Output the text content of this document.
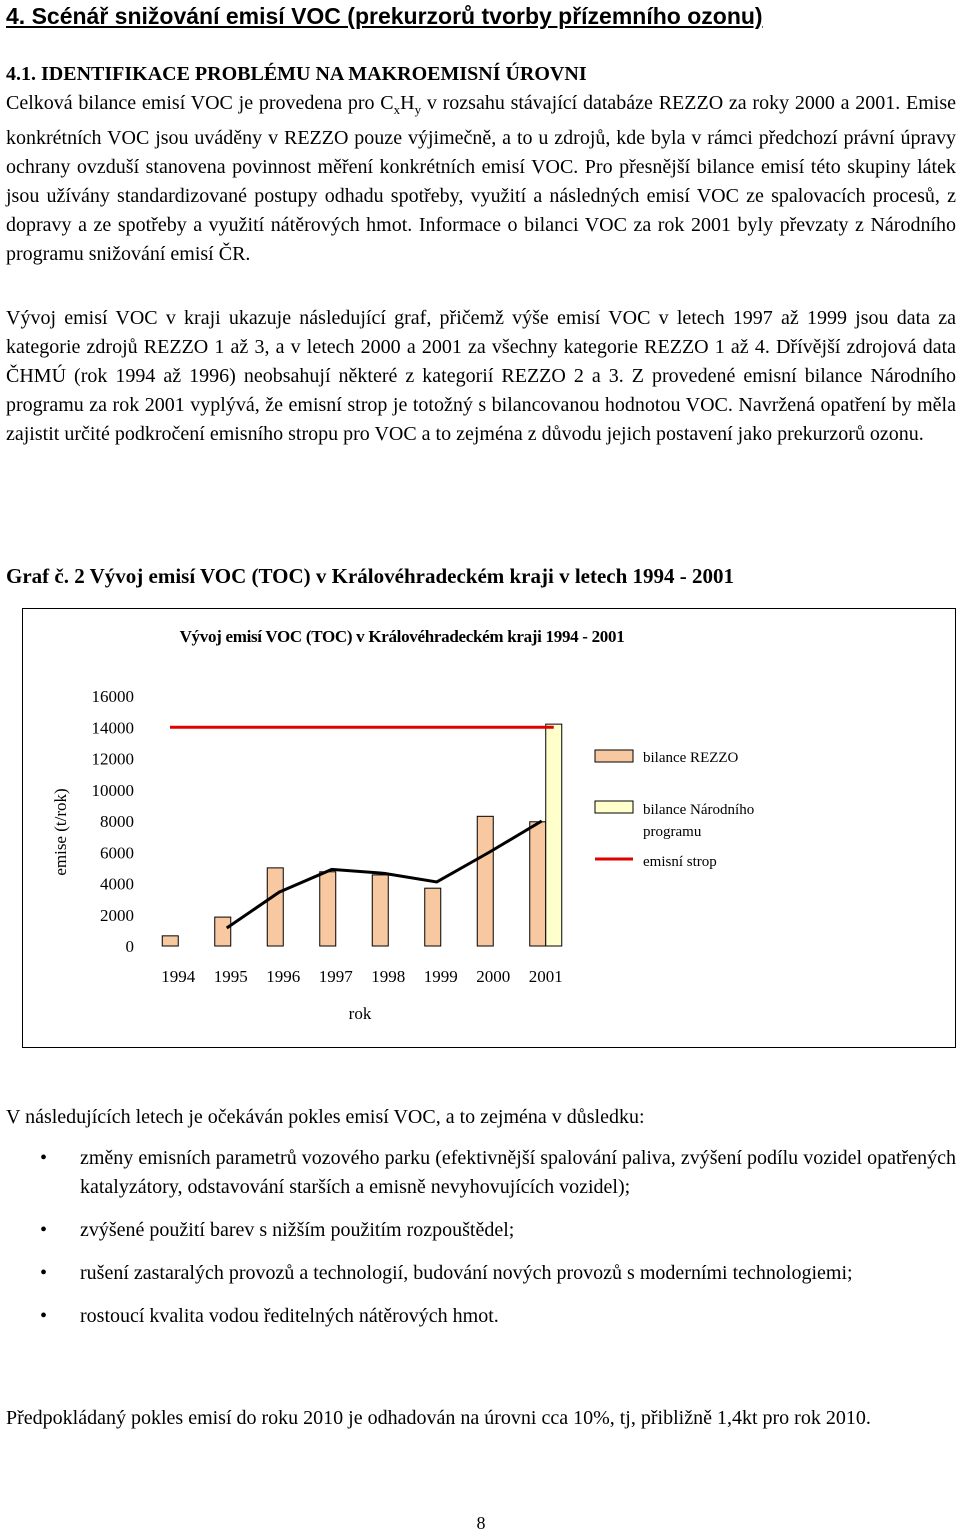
4. Scénář snižování emisí VOC (prekurzorů tvorby přízemního ozonu)
4.1. IDENTIFIKACE PROBLÉMU NA MAKROEMISNÍ ÚROVNI
Celková bilance emisí VOC je provedena pro $C_xH_y$ v rozsahu stávající databáze REZZO za roky 2000 a 2001. Emise konkrétních VOC jsou uváděny v REZZO pouze výjimečně, a to u zdrojů, kde byla v rámci předchozí právní úpravy ochrany ovzduší stanovena povinnost měření konkrétních emisí VOC. Pro přesnější bilance emisí této skupiny látek jsou užívány standardizované postupy odhadu spotřeby, využití a následných emisí VOC ze spalovacích procesů, z dopravy a ze spotřeby a využití nátěrových hmot. Informace o bilanci VOC za rok 2001 byly převzaty z Národního programu snižování emisí ČR.
Vývoj emisí VOC v kraji ukazuje následující graf, přičemž výše emisí VOC v letech 1997 až 1999 jsou data za kategorie zdrojů REZZO 1 až 3, a v letech 2000 a 2001 za všechny kategorie REZZO 1 až 4. Dřívější zdrojová data ČHMÚ (rok 1994 až 1996) neobsahují některé z kategorií REZZO 2 a 3. Z provedené emisní bilance Národního programu za rok 2001 vyplývá, že emisní strop je totožný s bilancovanou hodnotou VOC. Navržená opatření by měla zajistit určité podkročení emisního stropu pro VOC a to zejména z důvodu jejich postavení jako prekurzorů ozonu.
Graf č. 2 Vývoj emisí VOC (TOC) v Královéhradeckém kraji v letech 1994 - 2001
Vývoj emisí VOC (TOC) v Královéhradeckém kraji 1994 - 2001
emise (t/rok)
rok
0
2000
4000
6000
8000
10000
12000
14000
16000
1994 1995 1996 1997 1998 1999 2000 2001
bilance REZZO
bilance Národního programu
emisní strop
V následujících letech je očekáván pokles emisí VOC, a to zejména v důsledku:
• změny emisních parametrů vozového parku (efektivnější spalování paliva, zvýšení podílu vozidel opatřených katalyzátory, odstavování starších a emisně nevyhovujících vozidel);
• zvýšené použití barev s nižším použitím rozpouštědel;
• rušení zastaralých provozů a technologií, budování nových provozů s moderními technologiemi;
• rostoucí kvalita vodou ředitelných nátěrových hmot.
Předpokládaný pokles emisí do roku 2010 je odhadován na úrovni cca 10%, tj, přibližně 1,4kt pro rok 2010.
8
